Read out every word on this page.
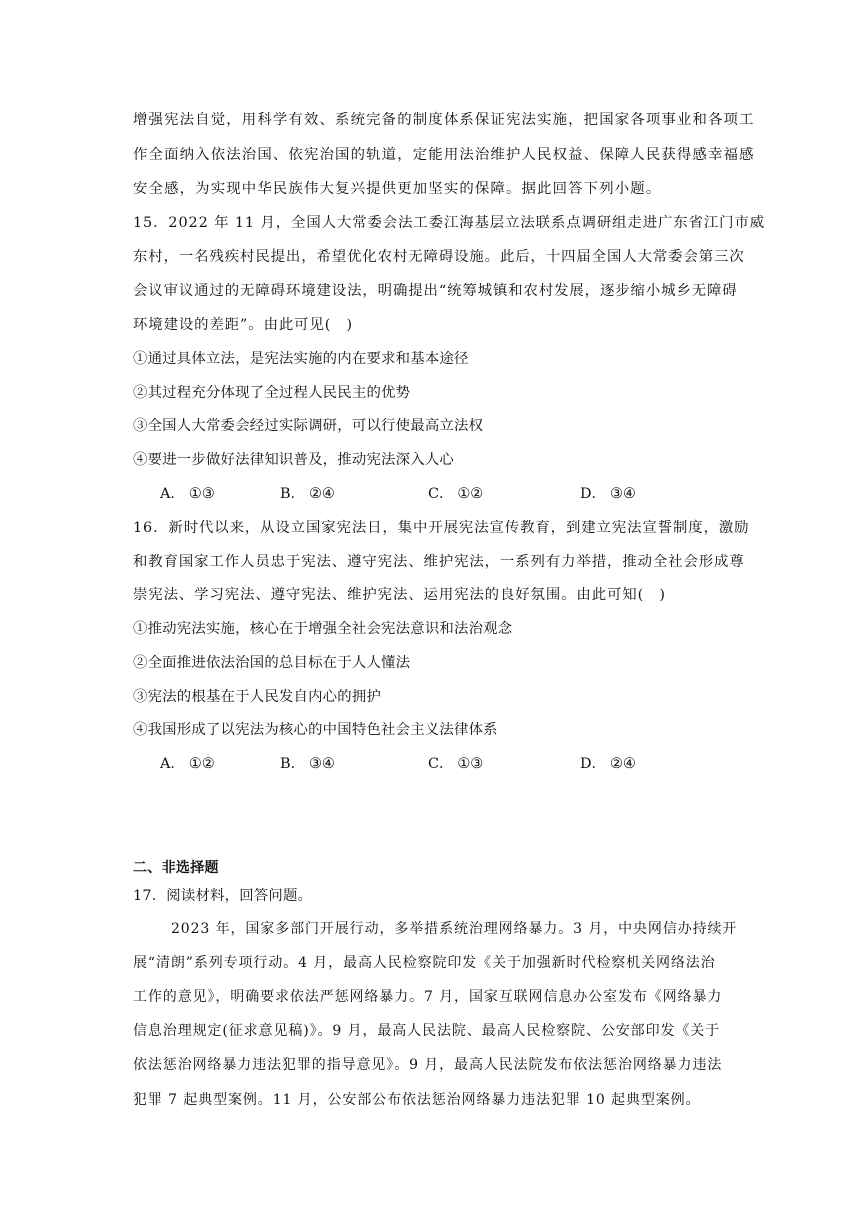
增强宪法自觉，用科学有效、系统完备的制度体系保证宪法实施，把国家各项事业和各项工
作全面纳入依法治国、依宪治国的轨道，定能用法治维护人民权益、保障人民获得感幸福感
安全感，为实现中华民族伟大复兴提供更加坚实的保障。据此回答下列小题。
15．2022 年 11 月，全国人大常委会法工委江海基层立法联系点调研组走进广东省江门市威
东村，一名残疾村民提出，希望优化农村无障碍设施。此后，十四届全国人大常委会第三次
会议审议通过的无障碍环境建设法，明确提出“统筹城镇和农村发展，逐步缩小城乡无障碍
环境建设的差距”。由此可见(　)
①通过具体立法，是宪法实施的内在要求和基本途径
②其过程充分体现了全过程人民民主的优势
③全国人大常委会经过实际调研，可以行使最高立法权
④要进一步做好法律知识普及，推动宪法深入人心
A． ①③	B． ②④	C． ①②	D． ③④
16．新时代以来，从设立国家宪法日，集中开展宪法宣传教育，到建立宪法宣誓制度，激励
和教育国家工作人员忠于宪法、遵守宪法、维护宪法，一系列有力举措，推动全社会形成尊
崇宪法、学习宪法、遵守宪法、维护宪法、运用宪法的良好氛围。由此可知(　)
①推动宪法实施，核心在于增强全社会宪法意识和法治观念
②全面推进依法治国的总目标在于人人懂法
③宪法的根基在于人民发自内心的拥护
④我国形成了以宪法为核心的中国特色社会主义法律体系
A． ①②	B． ③④	C． ①③	D． ②④
二、非选择题
17．阅读材料，回答问题。
2023 年，国家多部门开展行动，多举措系统治理网络暴力。3 月，中央网信办持续开
展“清朗”系列专项行动。4 月，最高人民检察院印发《关于加强新时代检察机关网络法治
工作的意见》，明确要求依法严惩网络暴力。7 月，国家互联网信息办公室发布《网络暴力
信息治理规定(征求意见稿)》。9 月，最高人民法院、最高人民检察院、公安部印发《关于
依法惩治网络暴力违法犯罪的指导意见》。9 月，最高人民法院发布依法惩治网络暴力违法
犯罪 7 起典型案例。11 月，公安部公布依法惩治网络暴力违法犯罪 10 起典型案例。
